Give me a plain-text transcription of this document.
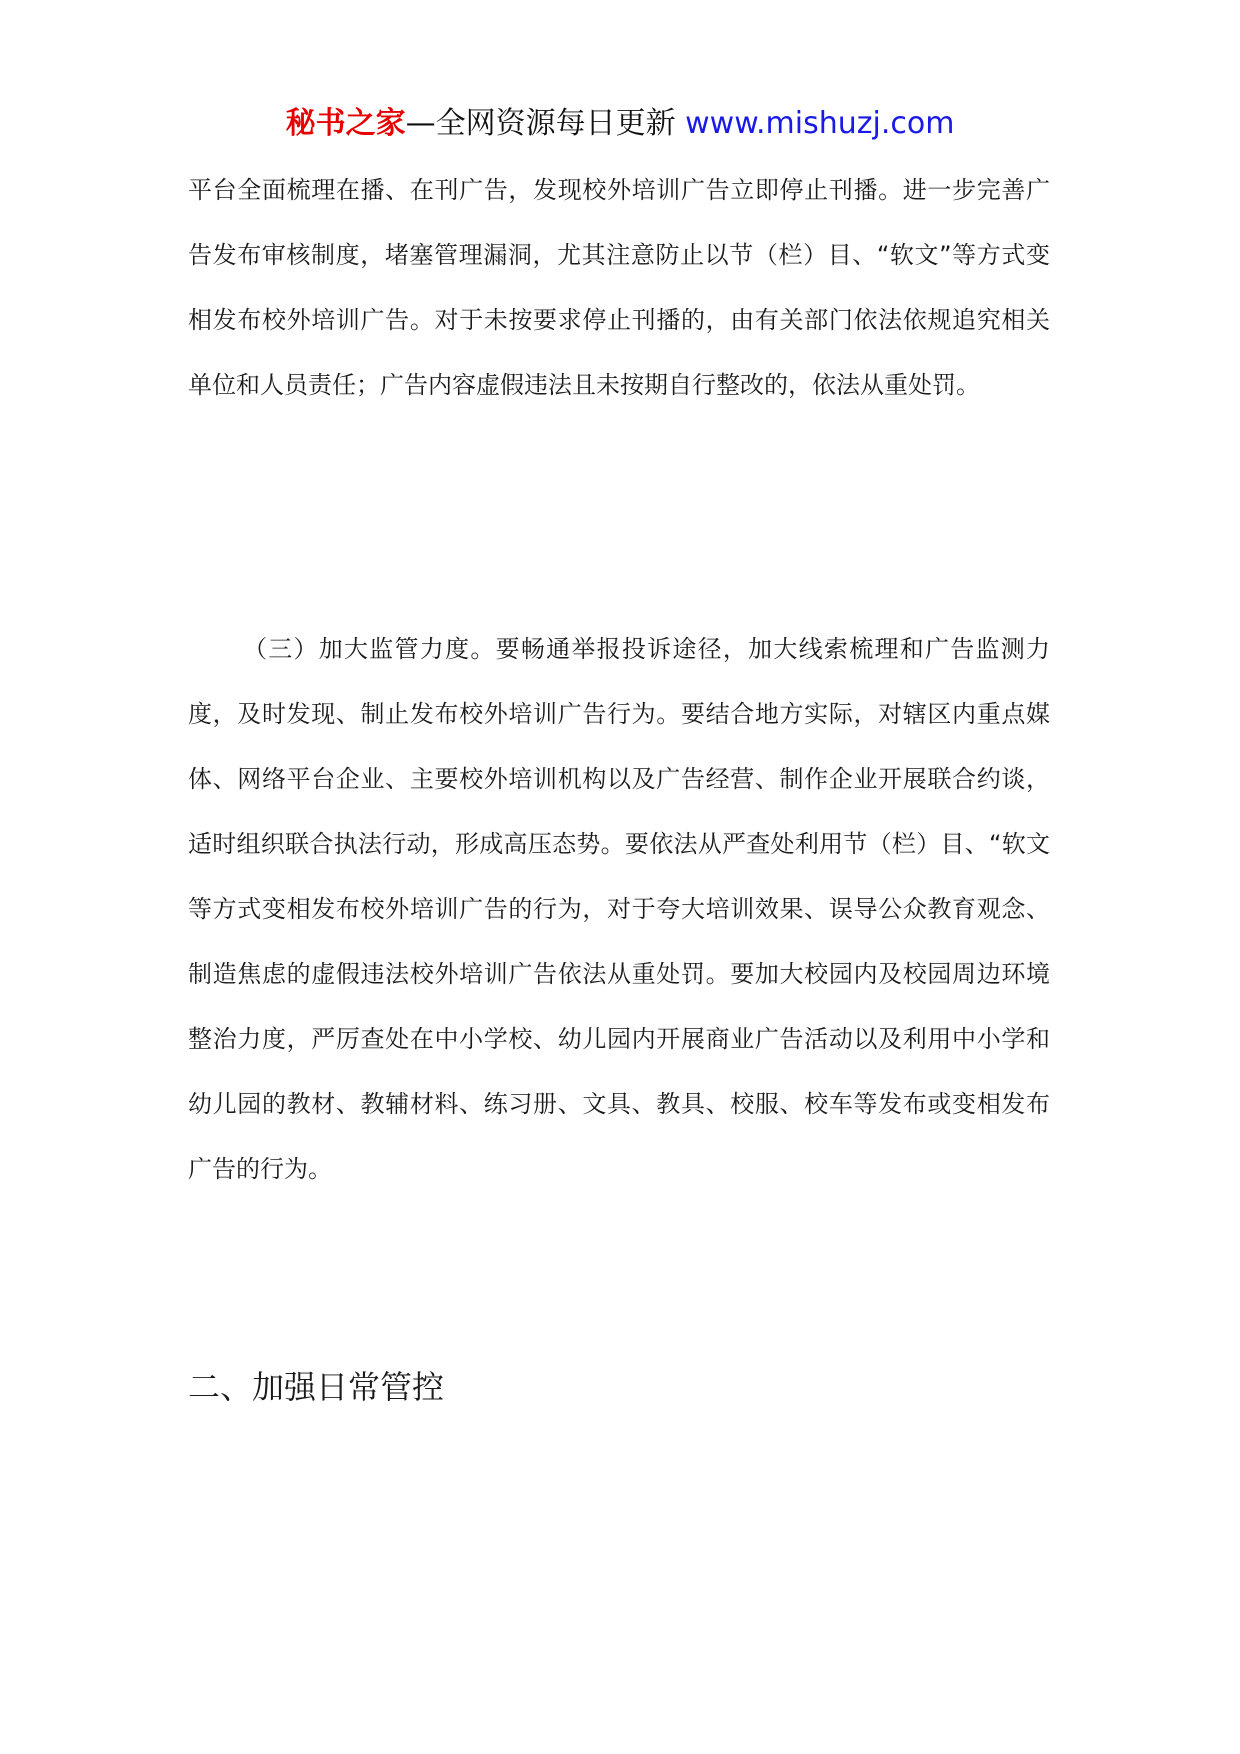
秘书之家—全网资源每日更新 www.mishuzj.com

平台全面梳理在播、在刊广告，发现校外培训广告立即停止刊播。进一步完善广告发布审核制度，堵塞管理漏洞，尤其注意防止以节（栏）目、“软文”等方式变相发布校外培训广告。对于未按要求停止刊播的，由有关部门依法依规追究相关单位和人员责任；广告内容虚假违法且未按期自行整改的，依法从重处罚。

（三）加大监管力度。要畅通举报投诉途径，加大线索梳理和广告监测力度，及时发现、制止发布校外培训广告行为。要结合地方实际，对辖区内重点媒体、网络平台企业、主要校外培训机构以及广告经营、制作企业开展联合约谈，适时组织联合执法行动，形成高压态势。要依法从严查处利用节（栏）目、“软文等方式变相发布校外培训广告的行为，对于夸大培训效果、误导公众教育观念、制造焦虑的虚假违法校外培训广告依法从重处罚。要加大校园内及校园周边环境整治力度，严厉查处在中小学校、幼儿园内开展商业广告活动以及利用中小学和幼儿园的教材、教辅材料、练习册、文具、教具、校服、校车等发布或变相发布广告的行为。

二、加强日常管控
